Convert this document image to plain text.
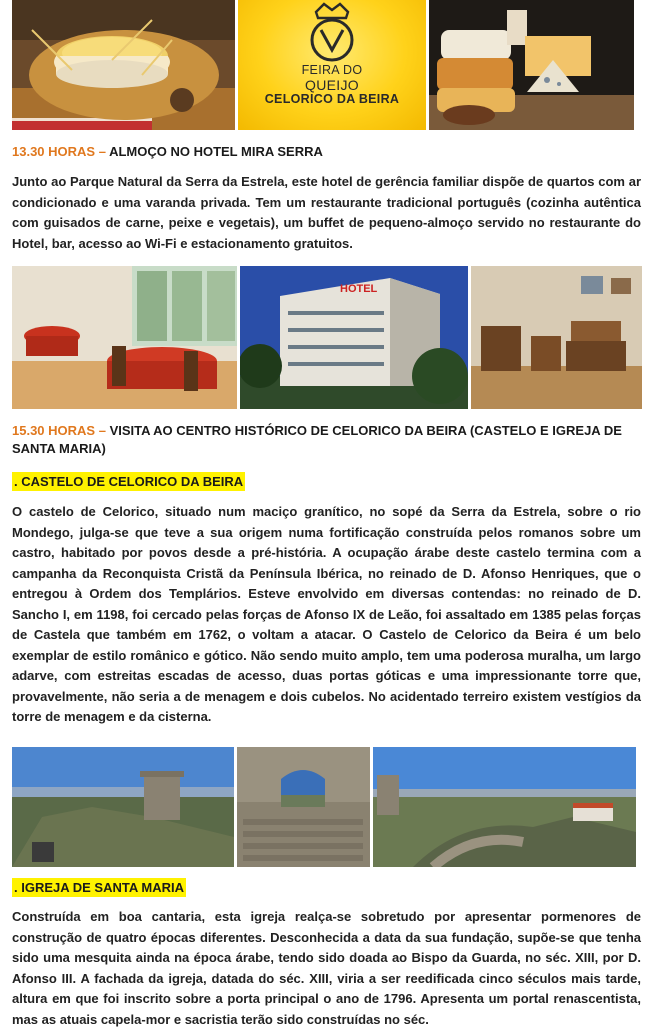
FEIRA DO
QUEIJO
CELORICO DA BEIRA
13.30 HORAS – ALMOÇO NO HOTEL MIRA SERRA

Junto ao Parque Natural da Serra da Estrela, este hotel de gerência familiar dispõe de quartos com ar condicionado e uma varanda privada. Tem um restaurante tradicional português (cozinha autêntica com guisados de carne, peixe e vegetais), um buffet de pequeno-almoço servido no restaurante do Hotel, bar, acesso ao Wi-Fi e estacionamento gratuitos.

HOTEL
15.30 HORAS – VISITA AO CENTRO HISTÓRICO DE CELORICO DA BEIRA (CASTELO E IGREJA DE SANTA MARIA)
. CASTELO DE CELORICO DA BEIRA

O castelo de Celorico, situado num maciço granítico, no sopé da Serra da Estrela, sobre o rio Mondego, julga-se que teve a sua origem numa fortificação construída pelos romanos sobre um castro, habitado por povos desde a pré-história. A ocupação árabe deste castelo termina com a campanha da Reconquista Cristã da Península Ibérica, no reinado de D. Afonso Henriques, que o entregou à Ordem dos Templários. Esteve envolvido em diversas contendas: no reinado de D. Sancho I, em 1198, foi cercado pelas forças de Afonso IX de Leão, foi assaltado em 1385 pelas forças de Castela que também em 1762, o voltam a atacar. O Castelo de Celorico da Beira é um belo exemplar de estilo românico e gótico. Não sendo muito amplo, tem uma poderosa muralha, um largo adarve, com estreitas escadas de acesso, duas portas góticas e uma impressionante torre que, provavelmente, não seria a de menagem e dois cubelos. No acidentado terreiro existem vestígios da torre de menagem e da cisterna.

. IGREJA DE SANTA MARIA

Construída em boa cantaria, esta igreja realça-se sobretudo por apresentar pormenores de construção de quatro épocas diferentes. Desconhecida a data da sua fundação, supõe-se que tenha sido uma mesquita ainda na época árabe, tendo sido doada ao Bispo da Guarda, no séc. XIII, por D. Afonso III. A fachada da igreja, datada do séc. XIII, viria a ser reedificada cinco séculos mais tarde, altura em que foi inscrito sobre a porta principal o ano de 1796. Apresenta um portal renascentista, mas as atuais capela-mor e sacristia terão sido construídas no séc.
